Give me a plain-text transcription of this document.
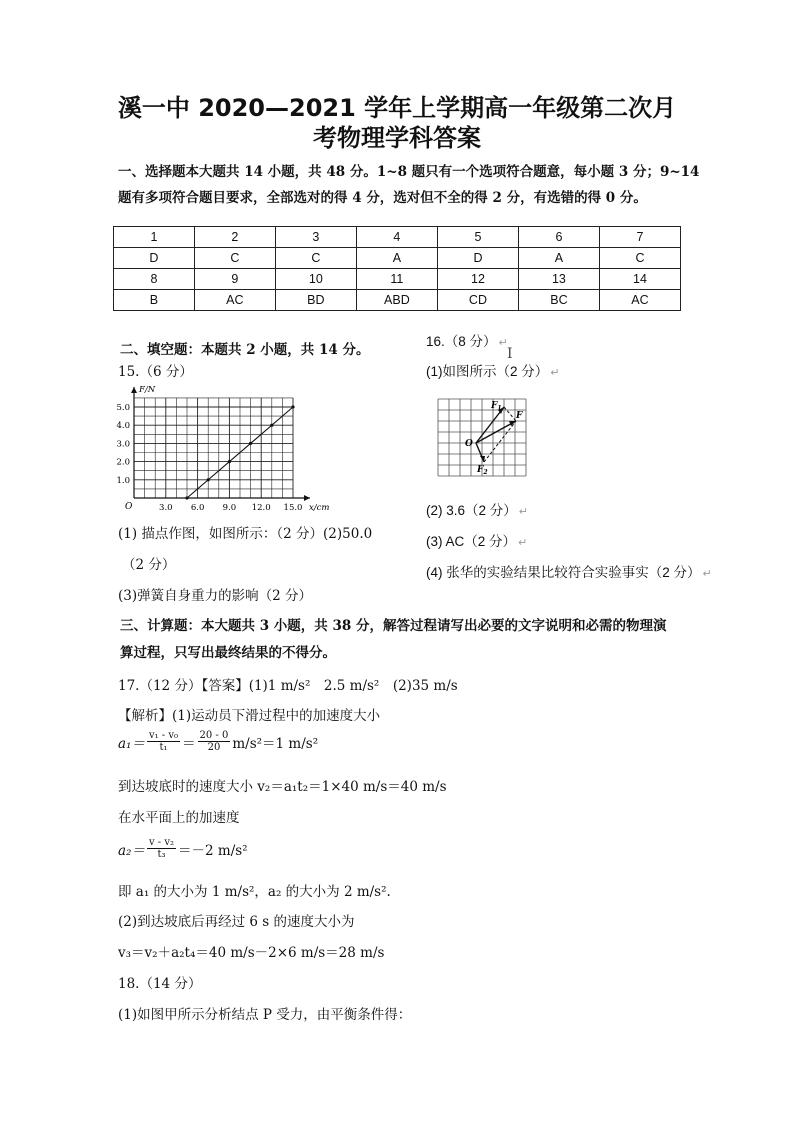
溪一中 2020—2021 学年上学期高一年级第二次月
考物理学科答案
一、选择题本大题共 14 小题，共 48 分。1~8 题只有一个选项符合题意，每小题 3 分；9~14
题有多项符合题目要求，全部选对的得 4 分，选对但不全的得 2 分，有选错的得 0 分。
1	2	3	4	5	6	7
D	C	C	A	D	A	C
8	9	10	11	12	13	14
B	AC	BD	ABD	CD	BC	AC
二、填空题：本题共 2 小题，共 14 分。
15.（6 分）
3.0 6.0 9.0 12.0 15.0
1.0
2.0
3.0
4.0
5.0
O	x/cm
F/N
(1) 描点作图，如图所示：（2 分）(2)50.0
（2 分）
(3)弹簧自身重力的影响（2 分）
16.（8 分） ↵
I
(1)如图所示（2 分） ↵
$F_1$
F
O
$F_2$
(2) 3.6（2 分） ↵
(3) AC（2 分） ↵
(4) 张华的实验结果比较符合实验事实（2 分） ↵
三、计算题：本大题共 3 小题，共 38 分，解答过程请写出必要的文字说明和必需的物理演
算过程，只写出最终结果的不得分。
17.（12 分）【答案】(1)1 m/s²　2.5 m/s²　(2)35 m/s
【解析】(1)运动员下滑过程中的加速度大小
$a_1= \frac{\text{v₁ - v₀}}{\text{t₁}} = \frac{20 - 0}{20} m/s^2=1$ m/s²
到达坡底时的速度大小 v₂＝a₁t₂＝1×40 m/s＝40 m/s
在水平面上的加速度
$a_2= \frac{\text{v - v₂}}{\text{t₃}} =-2$ m/s²
即 a₁ 的大小为 1 m/s²，a₂ 的大小为 2 m/s².
(2)到达坡底后再经过 6 s 的速度大小为
v₃＝v₂＋a₂t₄＝40 m/s－2×6 m/s＝28 m/s
18.（14 分）
(1)如图甲所示分析结点 P 受力，由平衡条件得：
